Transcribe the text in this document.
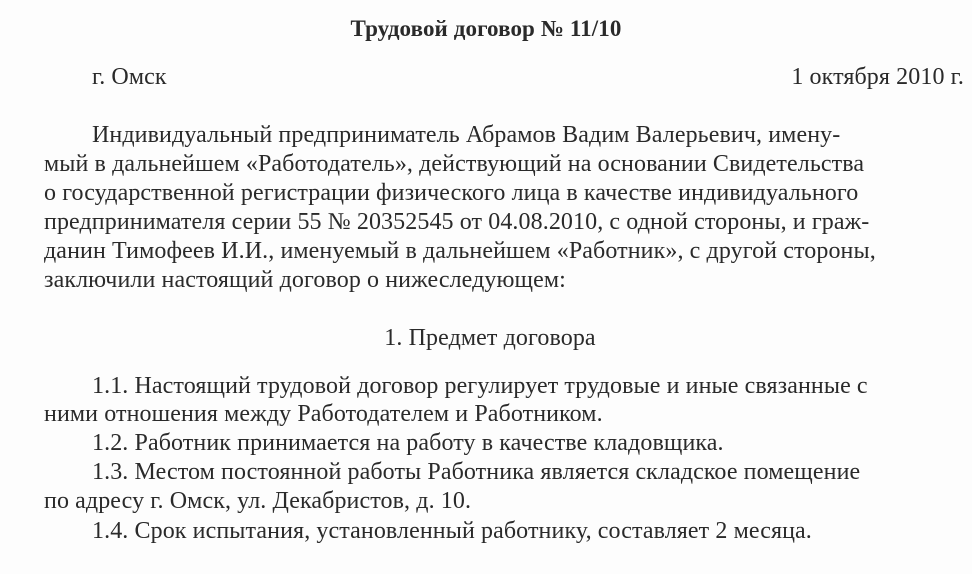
Трудовой договор № 11/10
г. Омск	1 октября 2010 г.
Индивидуальный предприниматель Абрамов Вадим Валерьевич, имену-
мый в дальнейшем «Работодатель», действующий на основании Свидетельства
о государственной регистрации физического лица в качестве индивидуального
предпринимателя серии 55 № 20352545 от 04.08.2010, с одной стороны, и граж-
данин Тимофеев И.И., именуемый в дальнейшем «Работник», с другой стороны,
заключили настоящий договор о нижеследующем:
1. Предмет договора
1.1. Настоящий трудовой договор регулирует трудовые и иные связанные с
ними отношения между Работодателем и Работником.
1.2. Работник принимается на работу в качестве кладовщика.
1.3. Местом постоянной работы Работника является складское помещение
по адресу г. Омск, ул. Декабристов, д. 10.
1.4. Срок испытания, установленный работнику, составляет 2 месяца.
